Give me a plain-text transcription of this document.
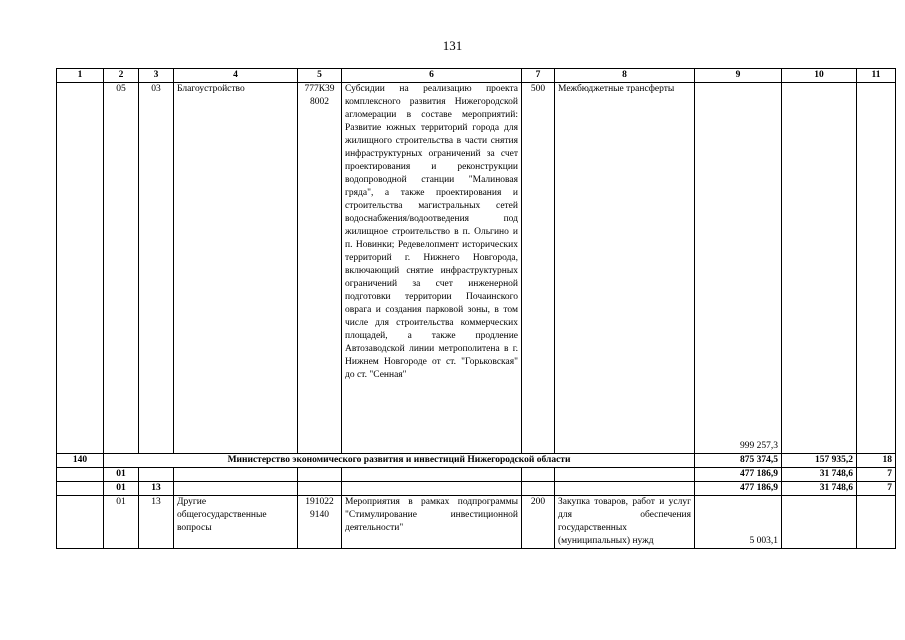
131
1	2	3	4	5	6	7	8	9	10	11
	05	03	Благоустройство	777К39 8002	Субсидии на реализацию проекта комплексного развития Нижегородской агломерации в составе мероприятий: Развитие южных территорий города для жилищного строительства в части снятия инфраструктурных ограничений за счет проектирования и реконструкции водопроводной станции "Малиновая гряда", а также проектирования и строительства магистральных сетей водоснабжения/водоотведения под жилищное строительство в п. Ольгино и п. Новинки; Редевелопмент исторических территорий г. Нижнего Новгорода, включающий снятие инфраструктурных ограничений за счет инженерной подготовки территории Почаинского оврага и создания парковой зоны, в том числе для строительства коммерческих площадей, а также продление Автозаводской линии метрополитена в г. Нижнем Новгороде от ст. "Горьковская" до ст. "Сенная"	500	Межбюджетные трансферты	999 257,3		
140	Министерство экономического развития и инвестиций Нижегородской области							875 374,5	157 935,2	18
	01							477 186,9	31 748,6	7
	01	13						477 186,9	31 748,6	7
	01	13	Другие общегосударственные вопросы	191022 9140	Мероприятия в рамках подпрограммы "Стимулирование инвестиционной деятельности"	200	Закупка товаров, работ и услуг для обеспечения государственных (муниципальных) нужд	5 003,1		
